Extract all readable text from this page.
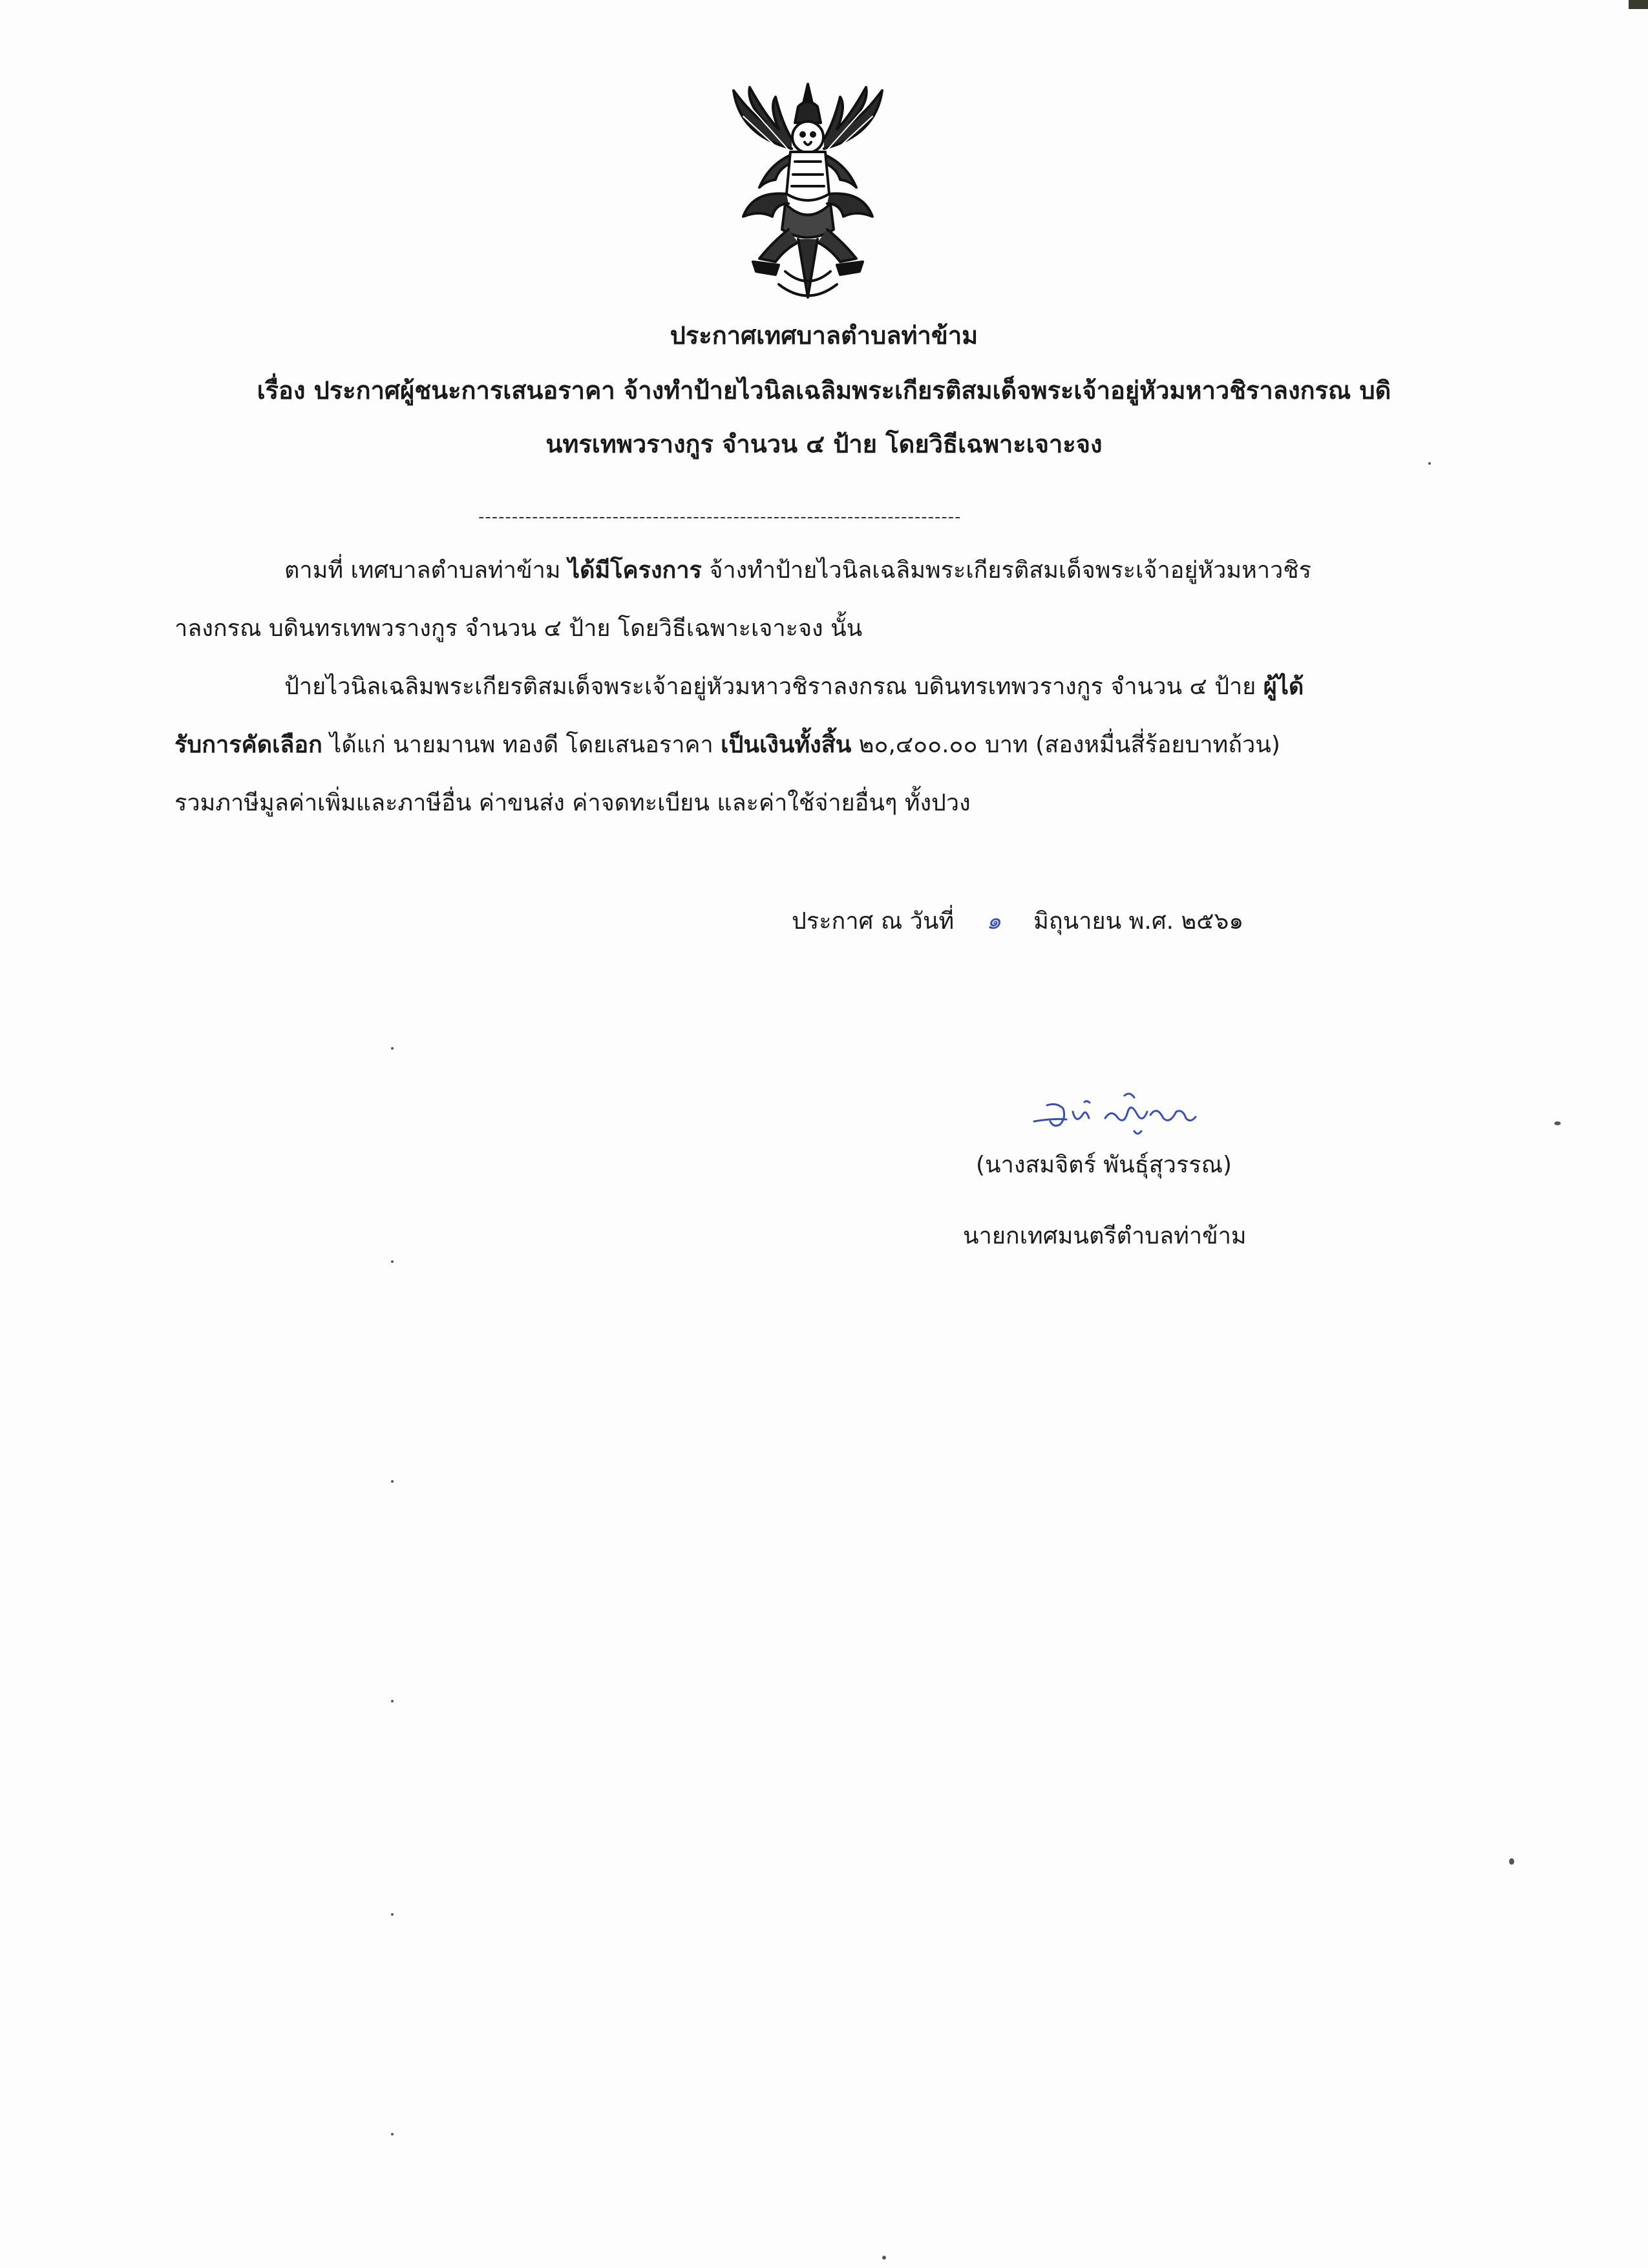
ประกาศเทศบาลตำบลท่าข้าม
เรื่อง ประกาศผู้ชนะการเสนอราคา จ้างทำป้ายไวนิลเฉลิมพระเกียรติสมเด็จพระเจ้าอยู่หัวมหาวชิราลงกรณ บดิ
นทรเทพวรางกูร จำนวน ๔ ป้าย โดยวิธีเฉพาะเจาะจง
------------------------------------------------------------------------
ตามที่ เทศบาลตำบลท่าข้าม ได้มีโครงการ จ้างทำป้ายไวนิลเฉลิมพระเกียรติสมเด็จพระเจ้าอยู่หัวมหาวชิร
าลงกรณ บดินทรเทพวรางกูร จำนวน ๔ ป้าย โดยวิธีเฉพาะเจาะจง นั้น
ป้ายไวนิลเฉลิมพระเกียรติสมเด็จพระเจ้าอยู่หัวมหาวชิราลงกรณ บดินทรเทพวรางกูร จำนวน ๔ ป้าย ผู้ได้
รับการคัดเลือก ได้แก่ นายมานพ ทองดี โดยเสนอราคา เป็นเงินทั้งสิ้น ๒๐,๔๐๐.๐๐ บาท (สองหมื่นสี่ร้อยบาทถ้วน)
รวมภาษีมูลค่าเพิ่มและภาษีอื่น ค่าขนส่ง ค่าจดทะเบียน และค่าใช้จ่ายอื่นๆ ทั้งปวง
ประกาศ ณ วันที่ ๑ มิถุนายน พ.ศ. ๒๕๖๑
(นางสมจิตร์ พันธุ์สุวรรณ)
นายกเทศมนตรีตำบลท่าข้าม
